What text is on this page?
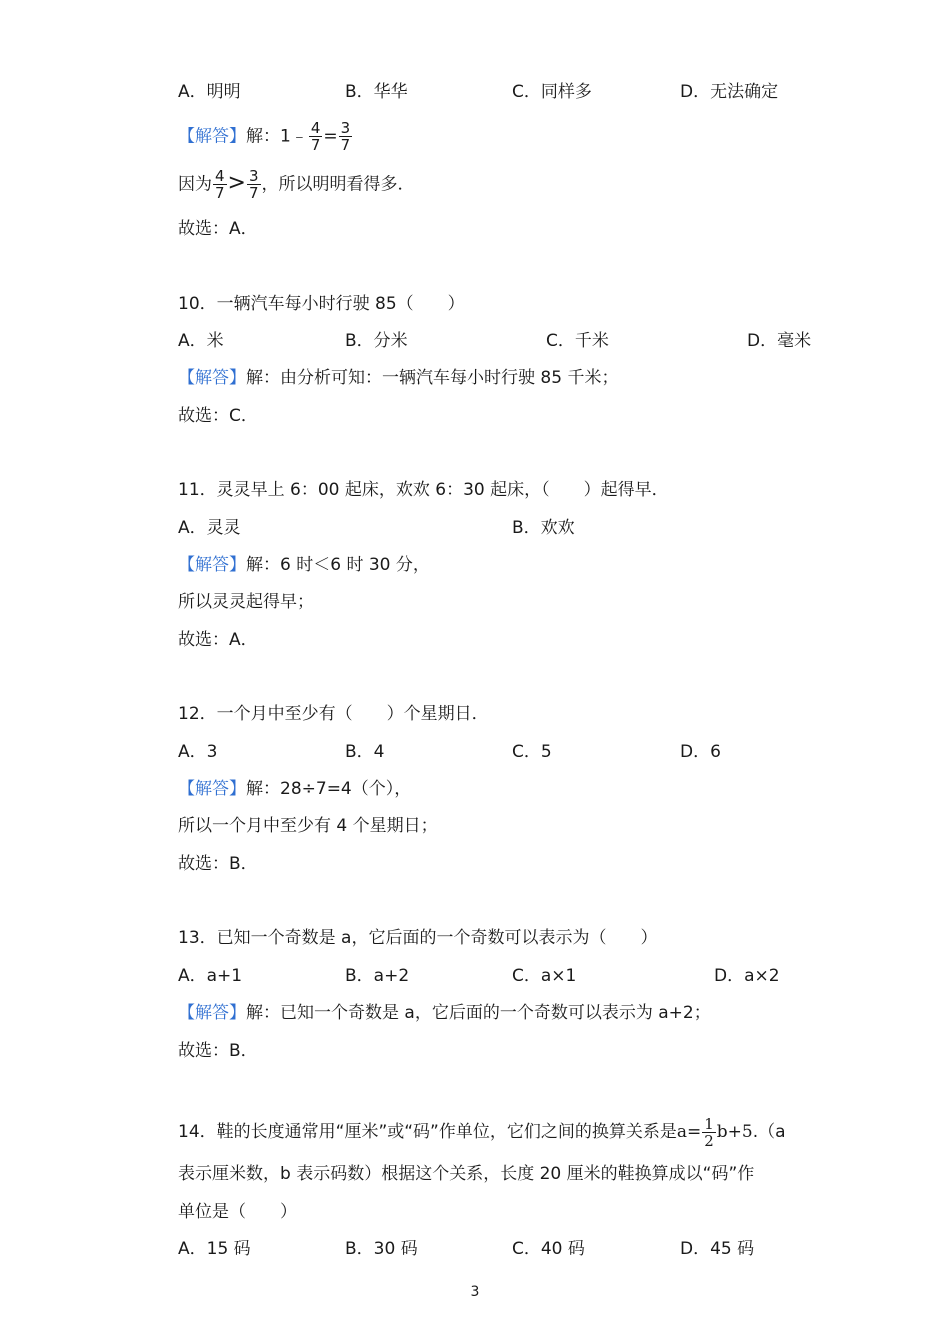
A．明明	B．华华	C．同样多	D．无法确定
【解答】解：1﹣ $\frac{4}{7} = \frac{3}{7}$
因为 $\frac{4}{7} > \frac{3}{7}$ ，所以明明看得多．
故选：A．
10．一辆汽车每小时行驶 85（　　）
A．米	B．分米	C．千米	D．毫米
【解答】解：由分析可知：一辆汽车每小时行驶 85 千米；
故选：C．
11．灵灵早上 6：00 起床，欢欢 6：30 起床，（　　）起得早．
A．灵灵	B．欢欢
【解答】解：6 时＜6 时 30 分，
所以灵灵起得早；
故选：A．
12．一个月中至少有（　　）个星期日．
A．3	B．4	C．5	D．6
【解答】解：28÷7=4（个），
所以一个月中至少有 4 个星期日；
故选：B．
13．已知一个奇数是 a，它后面的一个奇数可以表示为（　　）
A．a+1	B．a+2	C．a×1	D．a×2
【解答】解：已知一个奇数是 a，它后面的一个奇数可以表示为 a+2；
故选：B．
14．鞋的长度通常用“厘米”或“码”作单位，它们之间的换算关系是$a= \frac{1}{2} b+5.(a$
表示厘米数，b 表示码数）根据这个关系，长度 20 厘米的鞋换算成以“码”作
单位是（　　）
A．15 码	B．30 码	C．40 码	D．45 码
3
